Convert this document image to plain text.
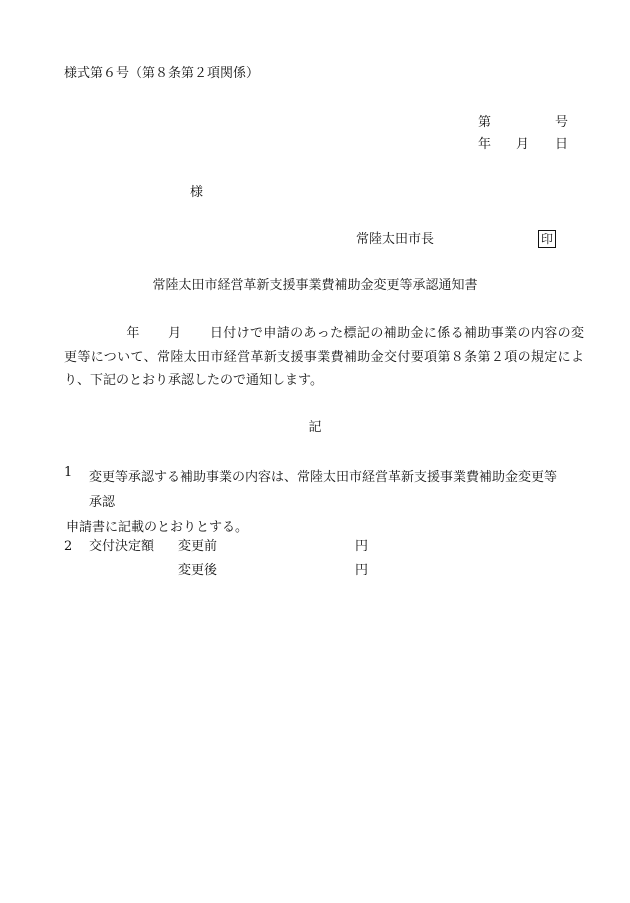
様式第６号（第８条第２項関係）
第	号
年 月 日
様
常陸太田市長	印
常陸太田市経営革新支援事業費補助金変更等承認通知書
年 月 日付けで申請のあった標記の補助金に係る補助事業の内容の変更等について、常陸太田市経営革新支援事業費補助金交付要項第８条第２項の規定により、下記のとおり承認したので通知します。
記
1 変更等承認する補助事業の内容は、常陸太田市経営革新支援事業費補助金変更等承認
申請書に記載のとおりとする。
2 交付決定額 変更前	円
変更後	円
